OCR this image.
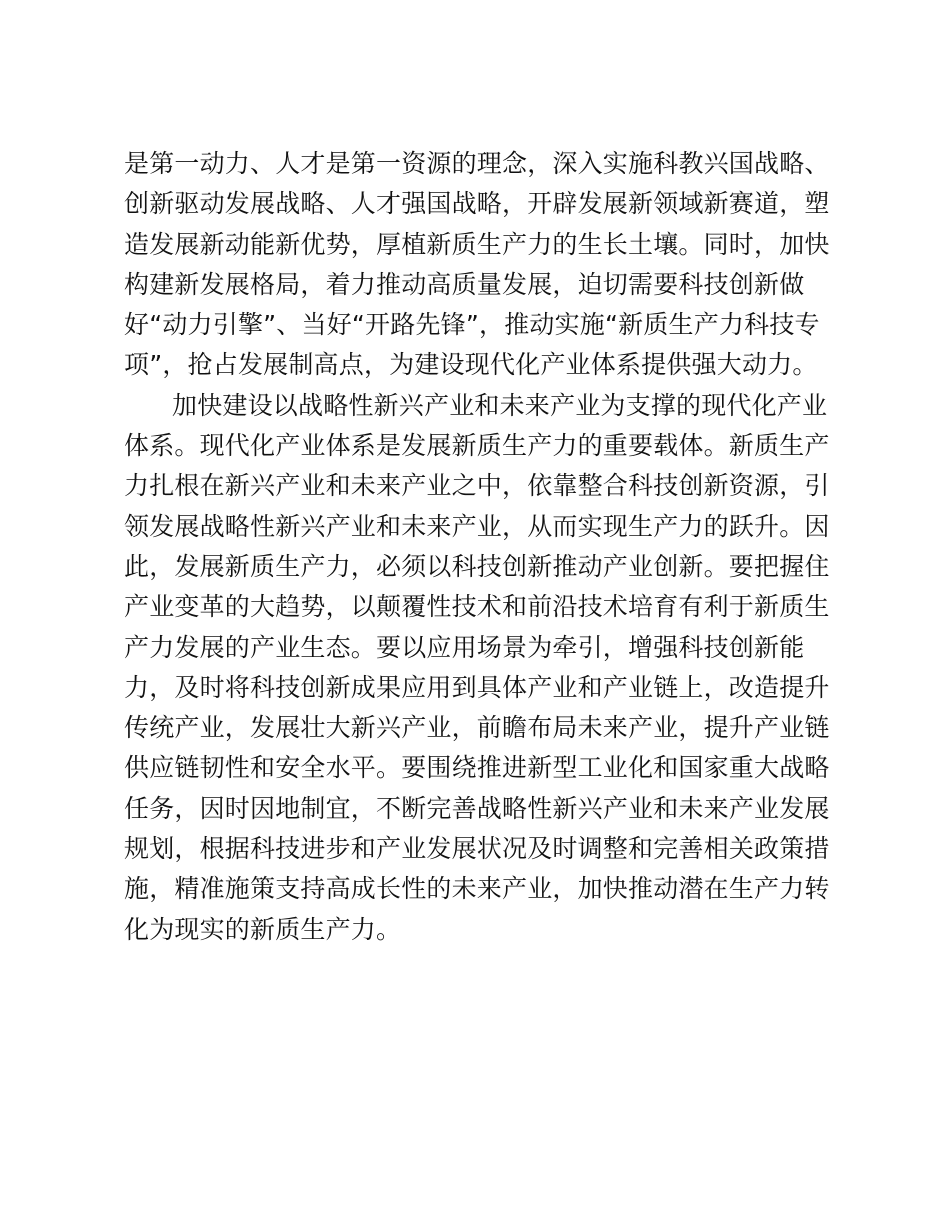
是第一动力、人才是第一资源的理念，深入实施科教兴国战略、
创新驱动发展战略、人才强国战略，开辟发展新领域新赛道，塑
造发展新动能新优势，厚植新质生产力的生长土壤。同时，加快
构建新发展格局，着力推动高质量发展，迫切需要科技创新做
好“动力引擎”、当好“开路先锋”，推动实施“新质生产力科技专
项”，抢占发展制高点，为建设现代化产业体系提供强大动力。
加快建设以战略性新兴产业和未来产业为支撑的现代化产业
体系。现代化产业体系是发展新质生产力的重要载体。新质生产
力扎根在新兴产业和未来产业之中，依靠整合科技创新资源，引
领发展战略性新兴产业和未来产业，从而实现生产力的跃升。因
此，发展新质生产力，必须以科技创新推动产业创新。要把握住
产业变革的大趋势，以颠覆性技术和前沿技术培育有利于新质生
产力发展的产业生态。要以应用场景为牵引，增强科技创新能
力，及时将科技创新成果应用到具体产业和产业链上，改造提升
传统产业，发展壮大新兴产业，前瞻布局未来产业，提升产业链
供应链韧性和安全水平。要围绕推进新型工业化和国家重大战略
任务，因时因地制宜，不断完善战略性新兴产业和未来产业发展
规划，根据科技进步和产业发展状况及时调整和完善相关政策措
施，精准施策支持高成长性的未来产业，加快推动潜在生产力转
化为现实的新质生产力。
